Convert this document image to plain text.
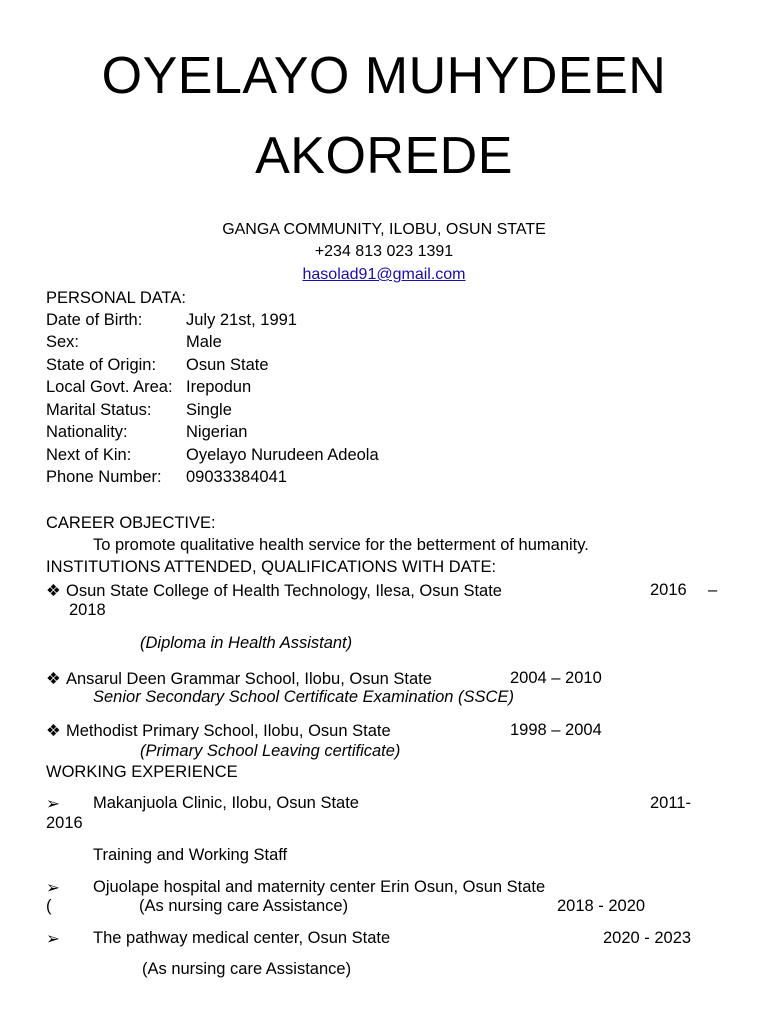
OYELAYO MUHYDEEN
AKOREDE
GANGA COMMUNITY, ILOBU, OSUN STATE
+234 813 023 1391
hasolad91@gmail.com
PERSONAL DATA:
Date of Birth:	July 21st, 1991
Sex:	Male
State of Origin: Osun State
Local Govt. Area: Irepodun
Marital Status: Single
Nationality:	Nigerian
Next of Kin:	Oyelayo Nurudeen Adeola
Phone Number: 09033384041
CAREER OBJECTIVE:
To promote qualitative health service for the betterment of humanity.
INSTITUTIONS ATTENDED, QUALIFICATIONS WITH DATE:
❖ Osun State College of Health Technology, Ilesa, Osun State	2016 –
2018
(Diploma in Health Assistant)
❖ Ansarul Deen Grammar School, Ilobu, Osun State	2004 – 2010
Senior Secondary School Certificate Examination (SSCE)
❖ Methodist Primary School, Ilobu, Osun State	1998 – 2004
(Primary School Leaving certificate)
WORKING EXPERIENCE
➢ Makanjuola Clinic, Ilobu, Osun State	2011-
2016
Training and Working Staff
➢ Ojuolape hospital and maternity center Erin Osun, Osun State
(	(As nursing care Assistance)	2018 - 2020
➢ The pathway medical center, Osun State	2020 - 2023
(As nursing care Assistance)
